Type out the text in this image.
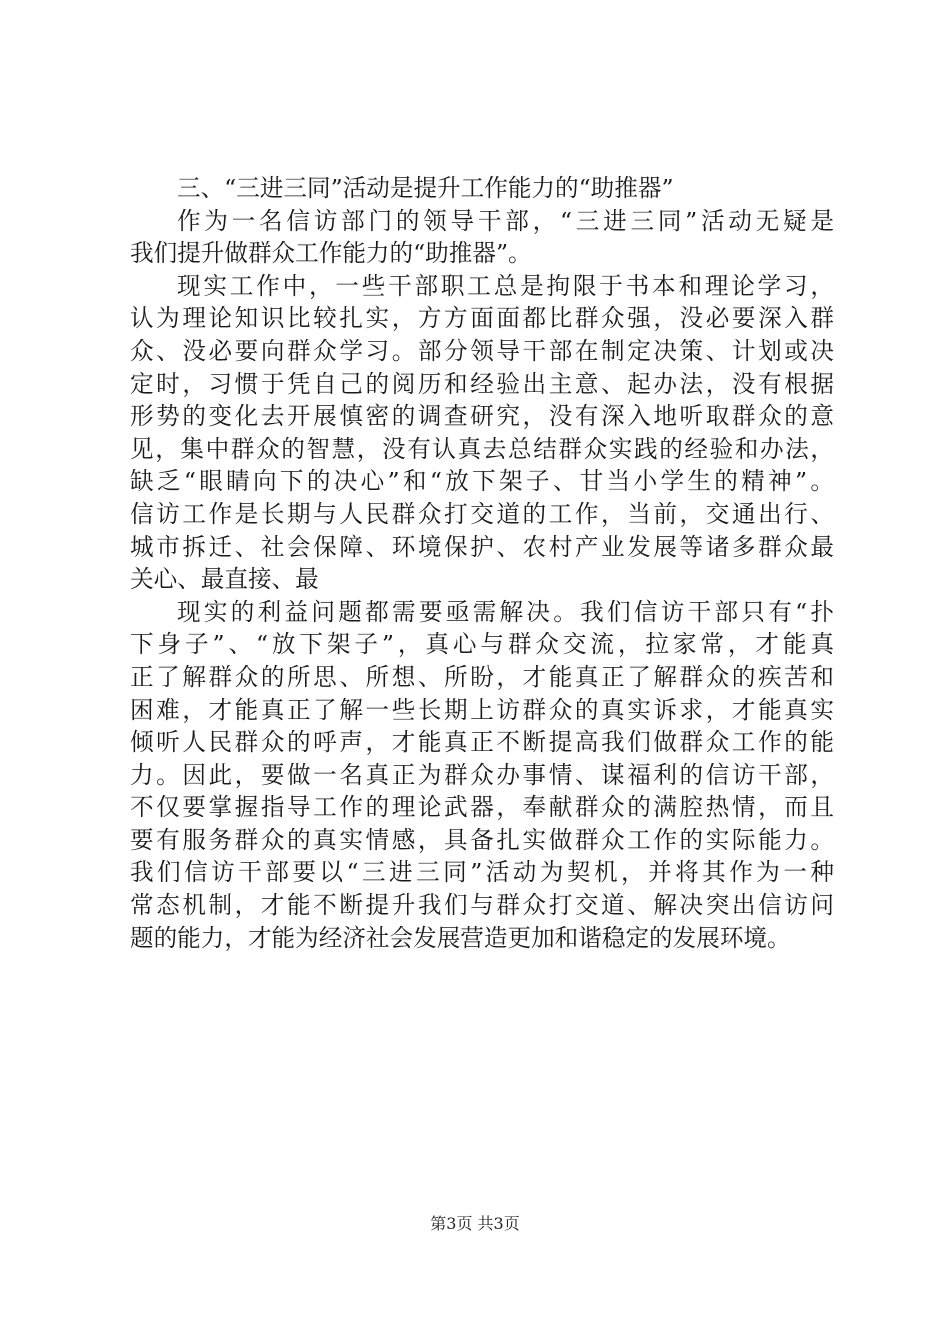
三、“三进三同”活动是提升工作能力的“助推器”
作为一名信访部门的领导干部，“三进三同”活动无疑是
我们提升做群众工作能力的“助推器”。
现实工作中，一些干部职工总是拘限于书本和理论学习，
认为理论知识比较扎实，方方面面都比群众强，没必要深入群
众、没必要向群众学习。部分领导干部在制定决策、计划或决
定时，习惯于凭自己的阅历和经验出主意、起办法，没有根据
形势的变化去开展慎密的调查研究，没有深入地听取群众的意
见，集中群众的智慧，没有认真去总结群众实践的经验和办法，
缺乏“眼睛向下的决心”和“放下架子、甘当小学生的精神”。
信访工作是长期与人民群众打交道的工作，当前，交通出行、
城市拆迁、社会保障、环境保护、农村产业发展等诸多群众最
关心、最直接、最
现实的利益问题都需要亟需解决。我们信访干部只有“扑
下身子”、“放下架子”，真心与群众交流，拉家常，才能真
正了解群众的所思、所想、所盼，才能真正了解群众的疾苦和
困难，才能真正了解一些长期上访群众的真实诉求，才能真实
倾听人民群众的呼声，才能真正不断提高我们做群众工作的能
力。因此，要做一名真正为群众办事情、谋福利的信访干部，
不仅要掌握指导工作的理论武器，奉献群众的满腔热情，而且
要有服务群众的真实情感，具备扎实做群众工作的实际能力。
我们信访干部要以“三进三同”活动为契机，并将其作为一种
常态机制，才能不断提升我们与群众打交道、解决突出信访问
题的能力，才能为经济社会发展营造更加和谐稳定的发展环境。
第3页 共3页
